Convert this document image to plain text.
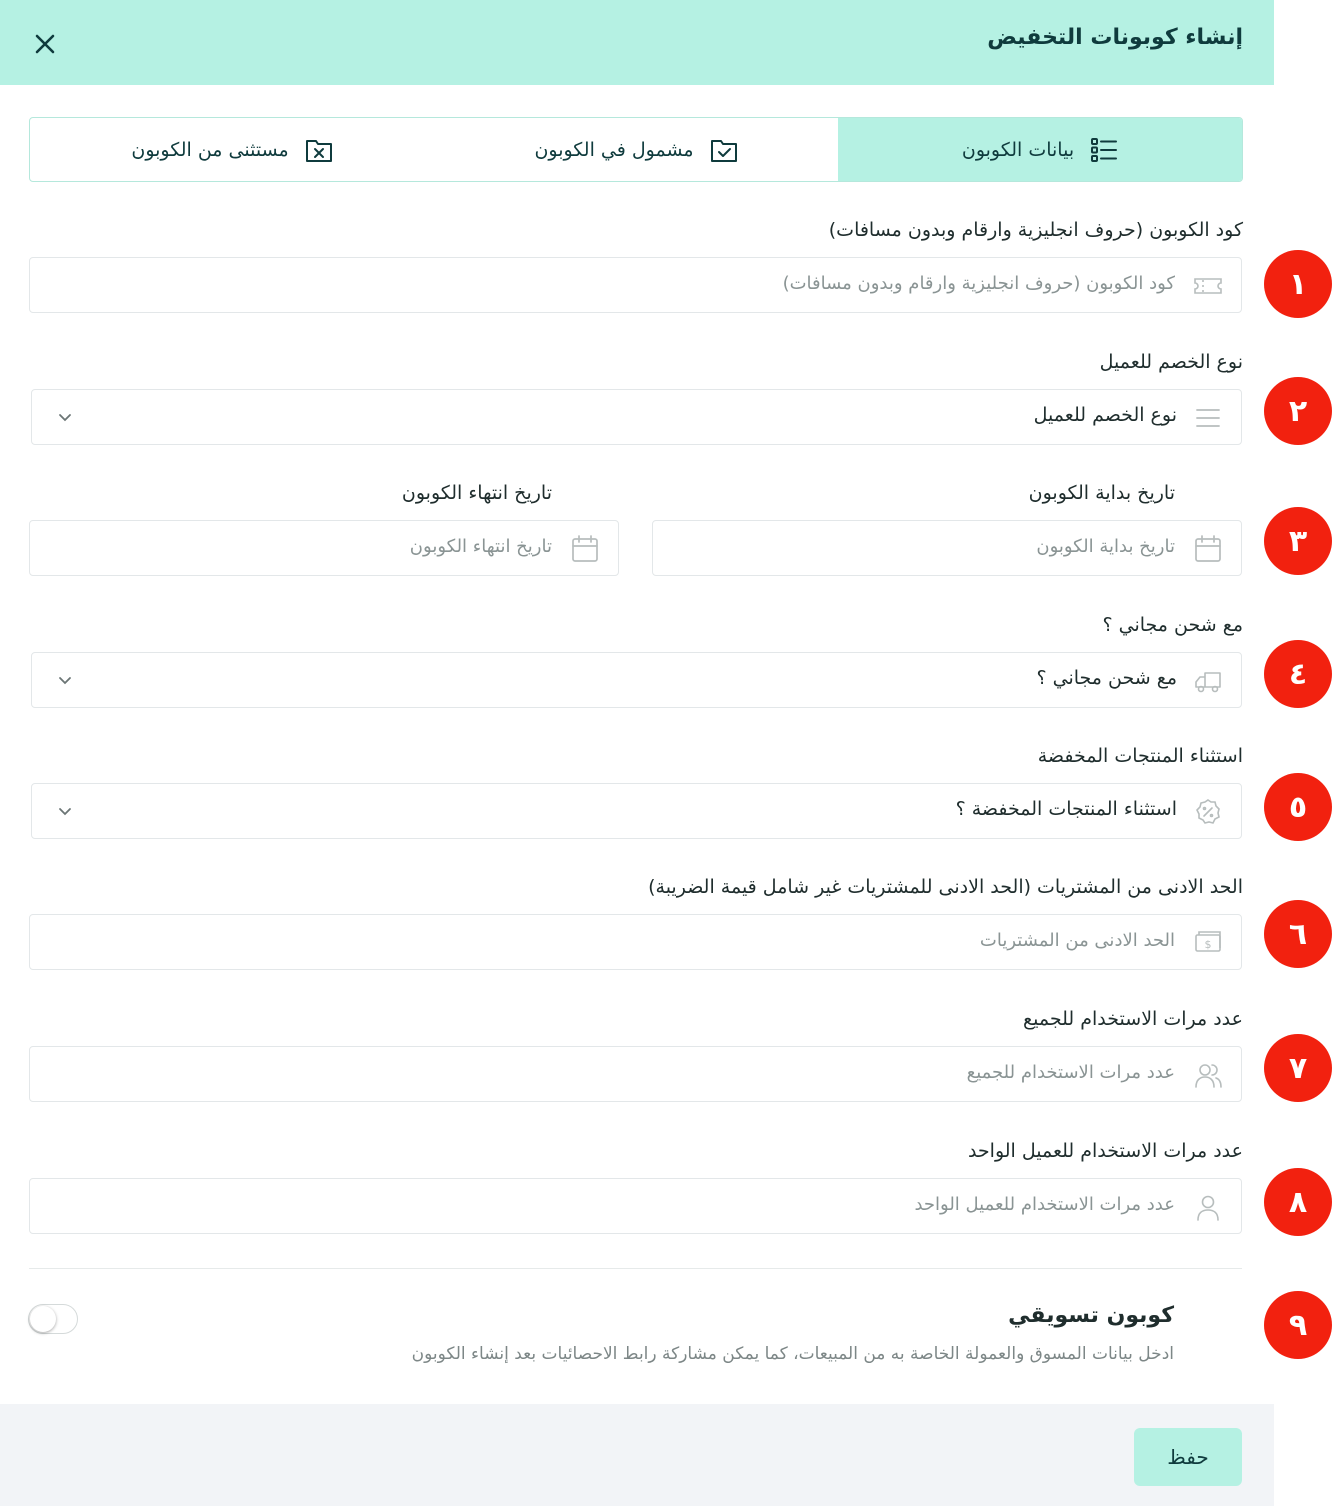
إنشاء كوبونات التخفيض
بيانات الكوبون
مشمول في الكوبون
مستثنى من الكوبون
كود الكوبون (حروف انجليزية وارقام وبدون مسافات)
كود الكوبون (حروف انجليزية وارقام وبدون مسافات)
نوع الخصم للعميل
نوع الخصم للعميل
تاريخ بداية الكوبون
تاريخ انتهاء الكوبون
تاريخ بداية الكوبون
تاريخ انتهاء الكوبون
مع شحن مجاني ؟
مع شحن مجاني ؟
استثناء المنتجات المخفضة
استثناء المنتجات المخفضة ؟
الحد الادنى من المشتريات (الحد الادنى للمشتريات غير شامل قيمة الضريبة)
$
الحد الادنى من المشتريات
عدد مرات الاستخدام للجميع
عدد مرات الاستخدام للجميع
عدد مرات الاستخدام للعميل الواحد
عدد مرات الاستخدام للعميل الواحد
كوبون تسويقي
ادخل بيانات المسوق والعمولة الخاصة به من المبيعات، كما يمكن مشاركة رابط الاحصائيات بعد إنشاء الكوبون
حفظ
١
٢
٣
٤
٥
٦
٧
٨
٩
